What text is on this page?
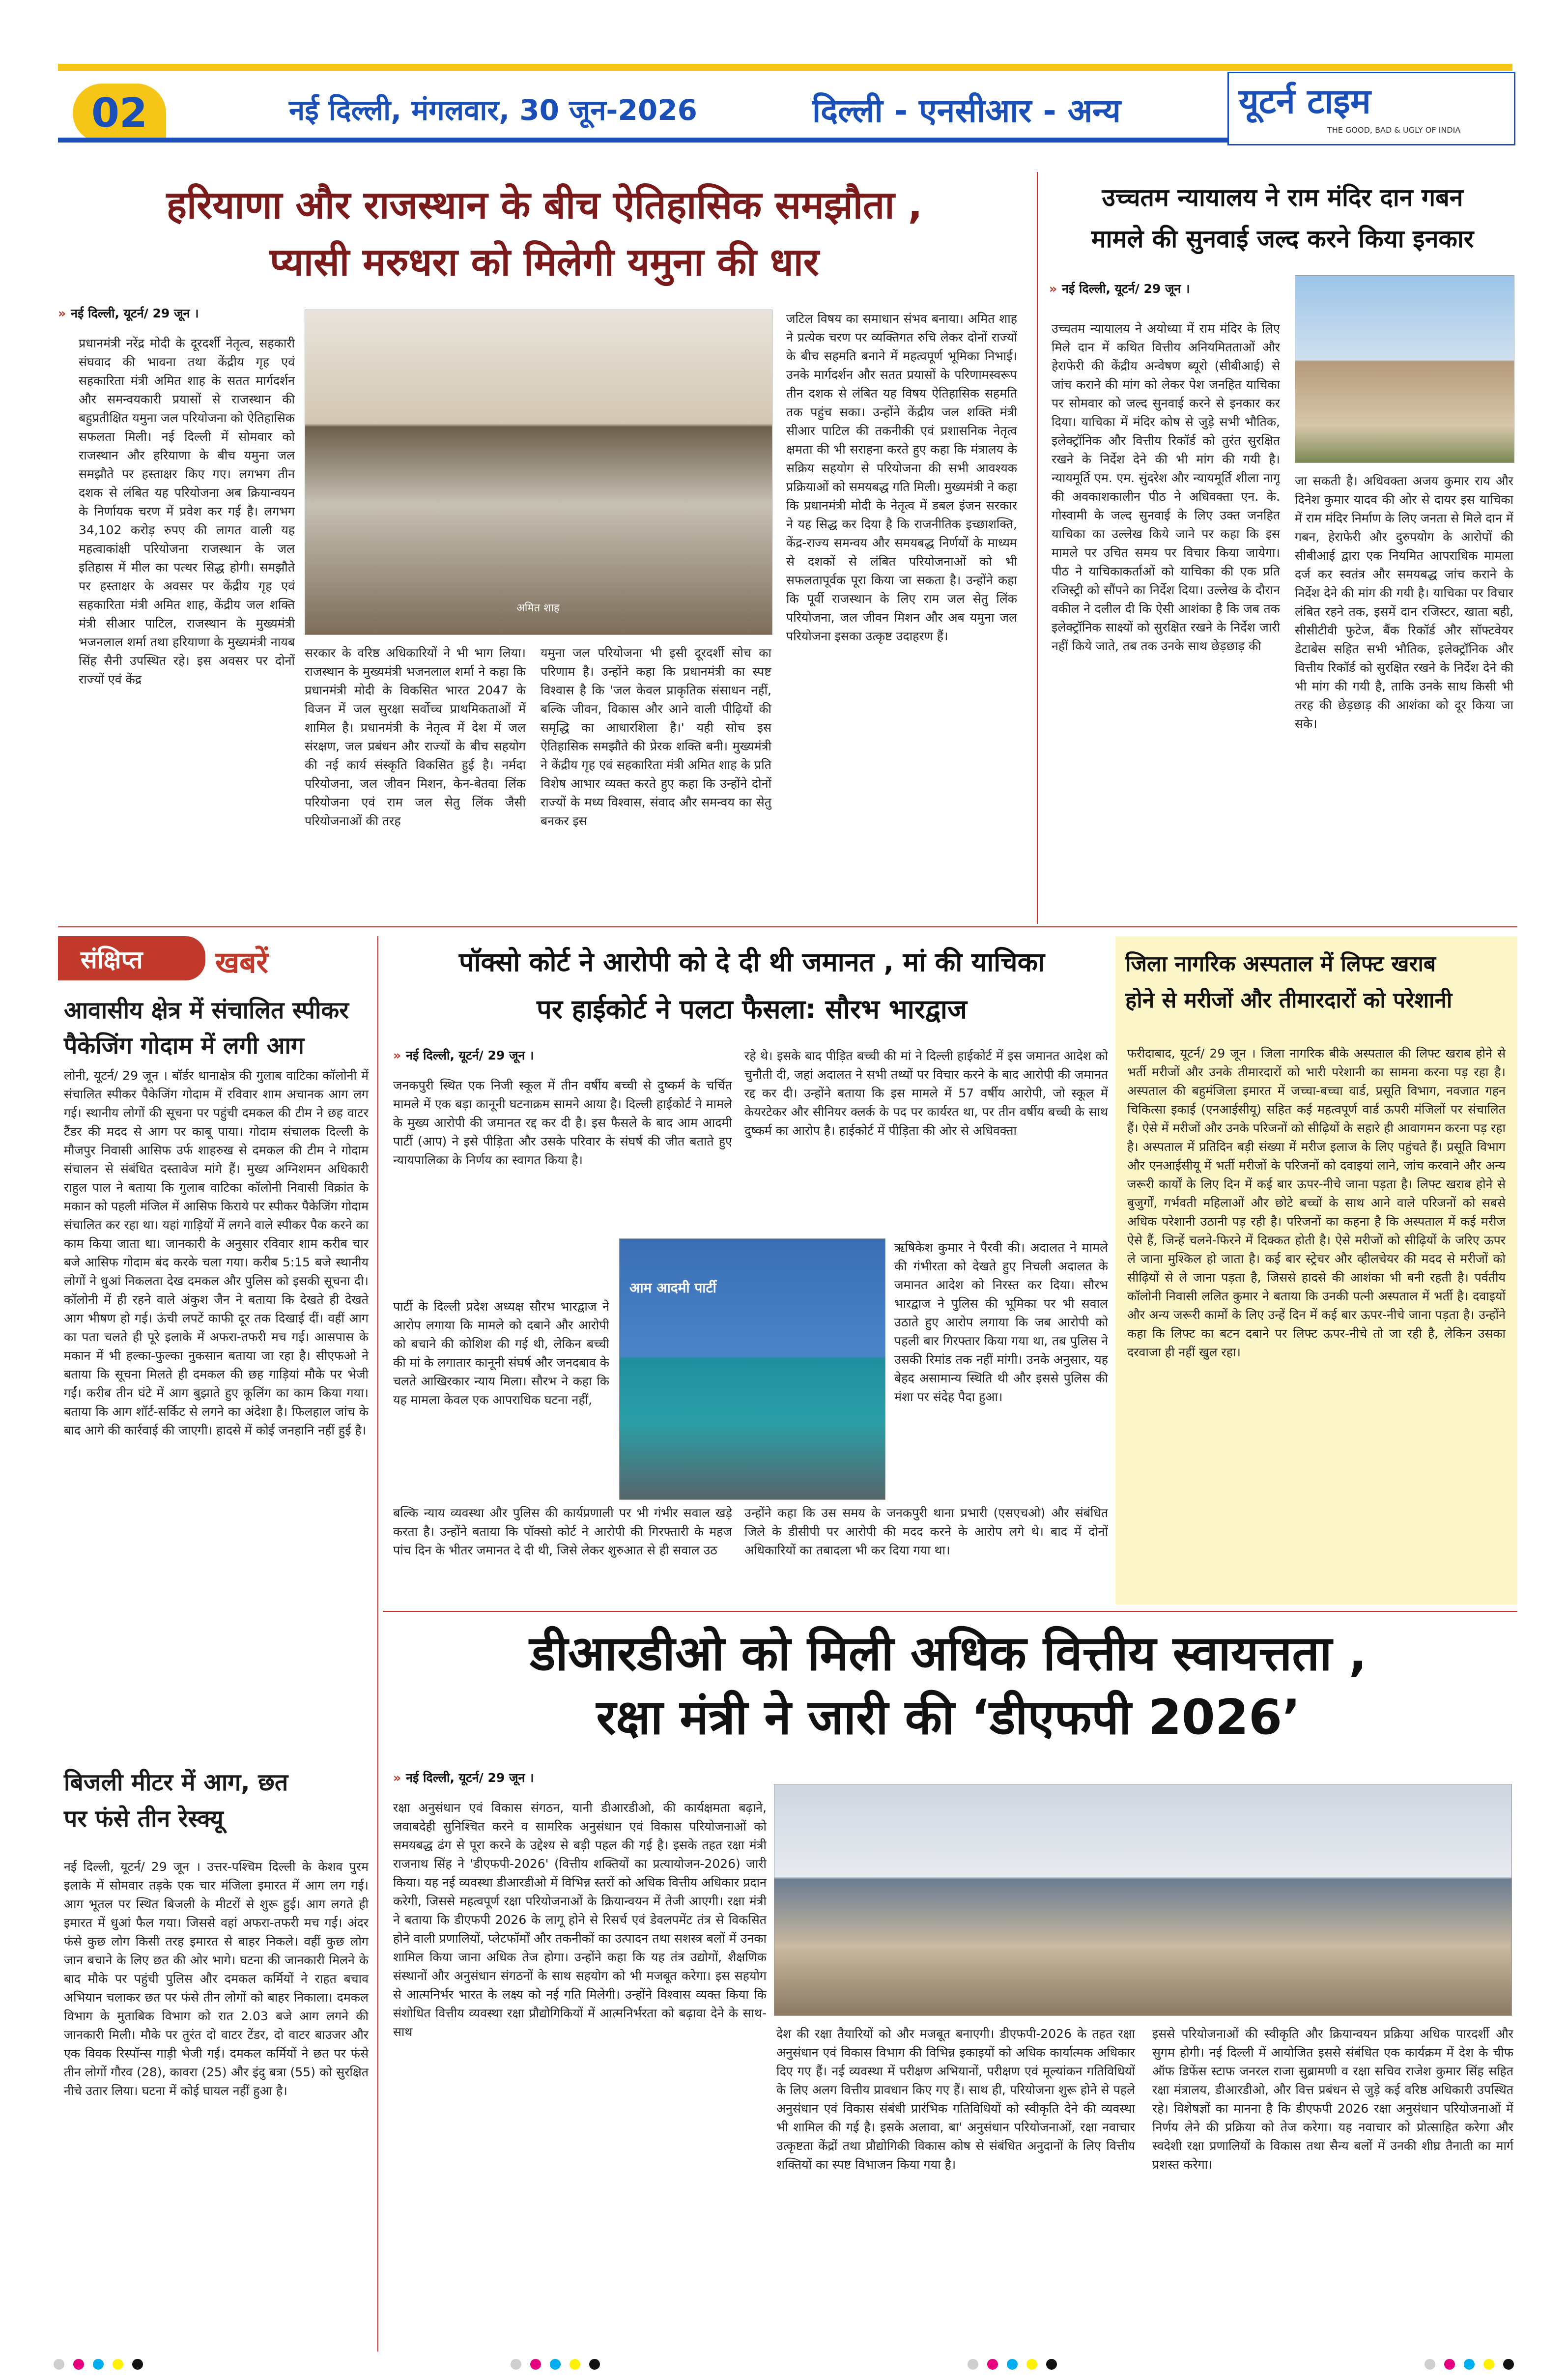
02	नई दिल्ली, मंगलवार, 30 जून-2026	दिल्ली - एनसीआर - अन्य	यूटर्न टाइम
THE GOOD, BAD & UGLY OF INDIA
हरियाणा और राजस्थान के बीच ऐतिहासिक समझौता ,
प्यासी मरुधरा को मिलेगी यमुना की धार
» नई दिल्ली, यूटर्न/ 29 जून ।
प्रधानमंत्री नरेंद्र मोदी के दूरदर्शी नेतृत्व, सहकारी संघवाद की भावना तथा केंद्रीय गृह एवं सहकारिता मंत्री अमित शाह के सतत मार्गदर्शन और समन्वयकारी प्रयासों से राजस्थान की बहुप्रतीक्षित यमुना जल परियोजना को ऐतिहासिक सफलता मिली। नई दिल्ली में सोमवार को राजस्थान और हरियाणा के बीच यमुना जल समझौते पर हस्ताक्षर किए गए। लगभग तीन दशक से लंबित यह परियोजना अब क्रियान्वयन के निर्णायक चरण में प्रवेश कर गई है। लगभग 34,102 करोड़ रुपए की लागत वाली यह महत्वाकांक्षी परियोजना राजस्थान के जल इतिहास में मील का पत्थर सिद्ध होगी। समझौते पर हस्ताक्षर के अवसर पर केंद्रीय गृह एवं सहकारिता मंत्री अमित शाह, केंद्रीय जल शक्ति मंत्री सीआर पाटिल, राजस्थान के मुख्यमंत्री भजनलाल शर्मा तथा हरियाणा के मुख्यमंत्री नायब सिंह सैनी उपस्थित रहे। इस अवसर पर दोनों राज्यों एवं केंद्र
अमित शाह
सरकार के वरिष्ठ अधिकारियों ने भी भाग लिया। राजस्थान के मुख्यमंत्री भजनलाल शर्मा ने कहा कि प्रधानमंत्री मोदी के विकसित भारत 2047 के विजन में जल सुरक्षा सर्वोच्च प्राथमिकताओं में शामिल है। प्रधानमंत्री के नेतृत्व में देश में जल संरक्षण, जल प्रबंधन और राज्यों के बीच सहयोग की नई कार्य संस्कृति विकसित हुई है। नर्मदा परियोजना, जल जीवन मिशन, केन-बेतवा लिंक परियोजना एवं राम जल सेतु लिंक जैसी परियोजनाओं की तरह
यमुना जल परियोजना भी इसी दूरदर्शी सोच का परिणाम है। उन्होंने कहा कि प्रधानमंत्री का स्पष्ट विश्वास है कि 'जल केवल प्राकृतिक संसाधन नहीं, बल्कि जीवन, विकास और आने वाली पीढ़ियों की समृद्धि का आधारशिला है।' यही सोच इस ऐतिहासिक समझौते की प्रेरक शक्ति बनी। मुख्यमंत्री ने केंद्रीय गृह एवं सहकारिता मंत्री अमित शाह के प्रति विशेष आभार व्यक्त करते हुए कहा कि उन्होंने दोनों राज्यों के मध्य विश्वास, संवाद और समन्वय का सेतु बनकर इस
जटिल विषय का समाधान संभव बनाया। अमित शाह ने प्रत्येक चरण पर व्यक्तिगत रुचि लेकर दोनों राज्यों के बीच सहमति बनाने में महत्वपूर्ण भूमिका निभाई। उनके मार्गदर्शन और सतत प्रयासों के परिणामस्वरूप तीन दशक से लंबित यह विषय ऐतिहासिक सहमति तक पहुंच सका। उन्होंने केंद्रीय जल शक्ति मंत्री सीआर पाटिल की तकनीकी एवं प्रशासनिक नेतृत्व क्षमता की भी सराहना करते हुए कहा कि मंत्रालय के सक्रिय सहयोग से परियोजना की सभी आवश्यक प्रक्रियाओं को समयबद्ध गति मिली। मुख्यमंत्री ने कहा कि प्रधानमंत्री मोदी के नेतृत्व में डबल इंजन सरकार ने यह सिद्ध कर दिया है कि राजनीतिक इच्छाशक्ति, केंद्र-राज्य समन्वय और समयबद्ध निर्णयों के माध्यम से दशकों से लंबित परियोजनाओं को भी सफलतापूर्वक पूरा किया जा सकता है। उन्होंने कहा कि पूर्वी राजस्थान के लिए राम जल सेतु लिंक परियोजना, जल जीवन मिशन और अब यमुना जल परियोजना इसका उत्कृष्ट उदाहरण हैं।
उच्चतम न्यायालय ने राम मंदिर दान गबन
मामले की सुनवाई जल्द करने किया इनकार
» नई दिल्ली, यूटर्न/ 29 जून ।
उच्चतम न्यायालय ने अयोध्या में राम मंदिर के लिए मिले दान में कथित वित्तीय अनियमितताओं और हेराफेरी की केंद्रीय अन्वेषण ब्यूरो (सीबीआई) से जांच कराने की मांग को लेकर पेश जनहित याचिका पर सोमवार को जल्द सुनवाई करने से इनकार कर दिया। याचिका में मंदिर कोष से जुड़े सभी भौतिक, इलेक्ट्रॉनिक और वित्तीय रिकॉर्ड को तुरंत सुरक्षित रखने के निर्देश देने की भी मांग की गयी है। न्यायमूर्ति एम. एम. सुंदरेश और न्यायमूर्ति शीला नागू की अवकाशकालीन पीठ ने अधिवक्ता एन. के. गोस्वामी के जल्द सुनवाई के लिए उक्त जनहित याचिका का उल्लेख किये जाने पर कहा कि इस मामले पर उचित समय पर विचार किया जायेगा। पीठ ने याचिकाकर्ताओं को याचिका की एक प्रति रजिस्ट्री को सौंपने का निर्देश दिया। उल्लेख के दौरान वकील ने दलील दी कि ऐसी आशंका है कि जब तक इलेक्ट्रॉनिक साक्ष्यों को सुरक्षित रखने के निर्देश जारी नहीं किये जाते, तब तक उनके साथ छेड़छाड़ की
जा सकती है। अधिवक्ता अजय कुमार राय और दिनेश कुमार यादव की ओर से दायर इस याचिका में राम मंदिर निर्माण के लिए जनता से मिले दान में गबन, हेराफेरी और दुरुपयोग के आरोपों की सीबीआई द्वारा एक नियमित आपराधिक मामला दर्ज कर स्वतंत्र और समयबद्ध जांच कराने के निर्देश देने की मांग की गयी है। याचिका पर विचार लंबित रहने तक, इसमें दान रजिस्टर, खाता बही, सीसीटीवी फुटेज, बैंक रिकॉर्ड और सॉफ्टवेयर डेटाबेस सहित सभी भौतिक, इलेक्ट्रॉनिक और वित्तीय रिकॉर्ड को सुरक्षित रखने के निर्देश देने की भी मांग की गयी है, ताकि उनके साथ किसी भी तरह की छेड़छाड़ की आशंका को दूर किया जा सके।
संक्षिप्त खबरें
आवासीय क्षेत्र में संचालित स्पीकर
पैकेजिंग गोदाम में लगी आग
लोनी, यूटर्न/ 29 जून । बॉर्डर थानाक्षेत्र की गुलाब वाटिका कॉलोनी में संचालित स्पीकर पैकेजिंग गोदाम में रविवार शाम अचानक आग लग गई। स्थानीय लोगों की सूचना पर पहुंची दमकल की टीम ने छह वाटर टैंडर की मदद से आग पर काबू पाया। गोदाम संचालक दिल्ली के मौजपुर निवासी आसिफ उर्फ शाहरुख से दमकल की टीम ने गोदाम संचालन से संबंधित दस्तावेज मांगे हैं। मुख्य अग्निशमन अधिकारी राहुल पाल ने बताया कि गुलाब वाटिका कॉलोनी निवासी विक्रांत के मकान को पहली मंजिल में आसिफ किराये पर स्पीकर पैकेजिंग गोदाम संचालित कर रहा था। यहां गाड़ियों में लगने वाले स्पीकर पैक करने का काम किया जाता था। जानकारी के अनुसार रविवार शाम करीब चार बजे आसिफ गोदाम बंद करके चला गया। करीब 5:15 बजे स्थानीय लोगों ने धुआं निकलता देख दमकल और पुलिस को इसकी सूचना दी। कॉलोनी में ही रहने वाले अंकुश जैन ने बताया कि देखते ही देखते आग भीषण हो गई। ऊंची लपटें काफी दूर तक दिखाई दीं। वहीं आग का पता चलते ही पूरे इलाके में अफरा-तफरी मच गई। आसपास के मकान में भी हल्का-फुल्का नुकसान बताया जा रहा है। सीएफओ ने बताया कि सूचना मिलते ही दमकल की छह गाड़ियां मौके पर भेजी गईं। करीब तीन घंटे में आग बुझाते हुए कूलिंग का काम किया गया। बताया कि आग शॉर्ट-सर्किट से लगने का अंदेशा है। फिलहाल जांच के बाद आगे की कार्रवाई की जाएगी। हादसे में कोई जनहानि नहीं हुई है।
बिजली मीटर में आग, छत
पर फंसे तीन रेस्क्यू
नई दिल्ली, यूटर्न/ 29 जून । उत्तर-पश्चिम दिल्ली के केशव पुरम इलाके में सोमवार तड़के एक चार मंजिला इमारत में आग लग गई। आग भूतल पर स्थित बिजली के मीटरों से शुरू हुई। आग लगते ही इमारत में धुआं फैल गया। जिससे वहां अफरा-तफरी मच गई। अंदर फंसे कुछ लोग किसी तरह इमारत से बाहर निकले। वहीं कुछ लोग जान बचाने के लिए छत की ओर भागे। घटना की जानकारी मिलने के बाद मौके पर पहुंची पुलिस और दमकल कर्मियों ने राहत बचाव अभियान चलाकर छत पर फंसे तीन लोगों को बाहर निकाला। दमकल विभाग के मुताबिक विभाग को रात 2.03 बजे आग लगने की जानकारी मिली। मौके पर तुरंत दो वाटर टेंडर, दो वाटर बाउजर और एक विवक रिस्पॉन्स गाड़ी भेजी गई। दमकल कर्मियों ने छत पर फंसे तीन लोगों गौरव (28), कावरा (25) और इंदु बत्रा (55) को सुरक्षित नीचे उतार लिया। घटना में कोई घायल नहीं हुआ है।
पॉक्सो कोर्ट ने आरोपी को दे दी थी जमानत , मां की याचिका
पर हाईकोर्ट ने पलटा फैसला: सौरभ भारद्वाज
» नई दिल्ली, यूटर्न/ 29 जून ।
जनकपुरी स्थित एक निजी स्कूल में तीन वर्षीय बच्ची से दुष्कर्म के चर्चित मामले में एक बड़ा कानूनी घटनाक्रम सामने आया है। दिल्ली हाईकोर्ट ने मामले के मुख्य आरोपी की जमानत रद्द कर दी है। इस फैसले के बाद आम आदमी पार्टी (आप) ने इसे पीड़िता और उसके परिवार के संघर्ष की जीत बताते हुए न्यायपालिका के निर्णय का स्वागत किया है।
पार्टी के दिल्ली प्रदेश अध्यक्ष सौरभ भारद्वाज ने आरोप लगाया कि मामले को दबाने और आरोपी को बचाने की कोशिश की गई थी, लेकिन बच्ची की मां के लगातार कानूनी संघर्ष और जनदबाव के चलते आखिरकार न्याय मिला। सौरभ ने कहा कि यह मामला केवल एक आपराधिक घटना नहीं,
बल्कि न्याय व्यवस्था और पुलिस की कार्यप्रणाली पर भी गंभीर सवाल खड़े करता है। उन्होंने बताया कि पॉक्सो कोर्ट ने आरोपी की गिरफ्तारी के महज पांच दिन के भीतर जमानत दे दी थी, जिसे लेकर शुरुआत से ही सवाल उठ
आम आदमी पार्टी
रहे थे। इसके बाद पीड़ित बच्ची की मां ने दिल्ली हाईकोर्ट में इस जमानत आदेश को चुनौती दी, जहां अदालत ने सभी तथ्यों पर विचार करने के बाद आरोपी की जमानत रद्द कर दी। उन्होंने बताया कि इस मामले में 57 वर्षीय आरोपी, जो स्कूल में केयरटेकर और सीनियर क्लर्क के पद पर कार्यरत था, पर तीन वर्षीय बच्ची के साथ दुष्कर्म का आरोप है। हाईकोर्ट में पीड़िता की ओर से अधिवक्ता
ऋषिकेश कुमार ने पैरवी की। अदालत ने मामले की गंभीरता को देखते हुए निचली अदालत के जमानत आदेश को निरस्त कर दिया। सौरभ भारद्वाज ने पुलिस की भूमिका पर भी सवाल उठाते हुए आरोप लगाया कि जब आरोपी को पहली बार गिरफ्तार किया गया था, तब पुलिस ने उसकी रिमांड तक नहीं मांगी। उनके अनुसार, यह बेहद असामान्य स्थिति थी और इससे पुलिस की मंशा पर संदेह पैदा हुआ।
उन्होंने कहा कि उस समय के जनकपुरी थाना प्रभारी (एसएचओ) और संबंधित जिले के डीसीपी पर आरोपी की मदद करने के आरोप लगे थे। बाद में दोनों अधिकारियों का तबादला भी कर दिया गया था।
जिला नागरिक अस्पताल में लिफ्ट खराब
होने से मरीजों और तीमारदारों को परेशानी
फरीदाबाद, यूटर्न/ 29 जून । जिला नागरिक बीके अस्पताल की लिफ्ट खराब होने से भर्ती मरीजों और उनके तीमारदारों को भारी परेशानी का सामना करना पड़ रहा है। अस्पताल की बहुमंजिला इमारत में जच्चा-बच्चा वार्ड, प्रसूति विभाग, नवजात गहन चिकित्सा इकाई (एनआईसीयू) सहित कई महत्वपूर्ण वार्ड ऊपरी मंजिलों पर संचालित हैं। ऐसे में मरीजों और उनके परिजनों को सीढ़ियों के सहारे ही आवागमन करना पड़ रहा है। अस्पताल में प्रतिदिन बड़ी संख्या में मरीज इलाज के लिए पहुंचते हैं। प्रसूति विभाग और एनआईसीयू में भर्ती मरीजों के परिजनों को दवाइयां लाने, जांच करवाने और अन्य जरूरी कार्यों के लिए दिन में कई बार ऊपर-नीचे जाना पड़ता है। लिफ्ट खराब होने से बुजुर्गों, गर्भवती महिलाओं और छोटे बच्चों के साथ आने वाले परिजनों को सबसे अधिक परेशानी उठानी पड़ रही है। परिजनों का कहना है कि अस्पताल में कई मरीज ऐसे हैं, जिन्हें चलने-फिरने में दिक्कत होती है। ऐसे मरीजों को सीढ़ियों के जरिए ऊपर ले जाना मुश्किल हो जाता है। कई बार स्ट्रेचर और व्हीलचेयर की मदद से मरीजों को सीढ़ियों से ले जाना पड़ता है, जिससे हादसे की आशंका भी बनी रहती है। पर्वतीय कॉलोनी निवासी ललित कुमार ने बताया कि उनकी पत्नी अस्पताल में भर्ती है। दवाइयों और अन्य जरूरी कामों के लिए उन्हें दिन में कई बार ऊपर-नीचे जाना पड़ता है। उन्होंने कहा कि लिफ्ट का बटन दबाने पर लिफ्ट ऊपर-नीचे तो जा रही है, लेकिन उसका दरवाजा ही नहीं खुल रहा।
डीआरडीओ को मिली अधिक वित्तीय स्वायत्तता ,
रक्षा मंत्री ने जारी की ‘डीएफपी 2026’
» नई दिल्ली, यूटर्न/ 29 जून ।
रक्षा अनुसंधान एवं विकास संगठन, यानी डीआरडीओ, की कार्यक्षमता बढ़ाने, जवाबदेही सुनिश्चित करने व सामरिक अनुसंधान एवं विकास परियोजनाओं को समयबद्ध ढंग से पूरा करने के उद्देश्य से बड़ी पहल की गई है। इसके तहत रक्षा मंत्री राजनाथ सिंह ने 'डीएफपी-2026' (वित्तीय शक्तियों का प्रत्यायोजन-2026) जारी किया। यह नई व्यवस्था डीआरडीओ में विभिन्न स्तरों को अधिक वित्तीय अधिकार प्रदान करेगी, जिससे महत्वपूर्ण रक्षा परियोजनाओं के क्रियान्वयन में तेजी आएगी। रक्षा मंत्री ने बताया कि डीएफपी 2026 के लागू होने से रिसर्च एवं डेवलपमेंट तंत्र से विकसित होने वाली प्रणालियों, प्लेटफॉर्मों और तकनीकों का उत्पादन तथा सशस्त्र बलों में उनका शामिल किया जाना अधिक तेज होगा। उन्होंने कहा कि यह तंत्र उद्योगों, शैक्षणिक संस्थानों और अनुसंधान संगठनों के साथ सहयोग को भी मजबूत करेगा। इस सहयोग से आत्मनिर्भर भारत के लक्ष्य को नई गति मिलेगी। उन्होंने विश्वास व्यक्त किया कि संशोधित वित्तीय व्यवस्था रक्षा प्रौद्योगिकियों में आत्मनिर्भरता को बढ़ावा देने के साथ-साथ	देश की रक्षा तैयारियों को और मजबूत बनाएगी। डीएफपी-2026 के तहत रक्षा अनुसंधान एवं विकास विभाग की विभिन्न इकाइयों को अधिक कार्यात्मक अधिकार दिए गए हैं। नई व्यवस्था में परीक्षण अभियानों, परीक्षण एवं मूल्यांकन गतिविधियों के लिए अलग वित्तीय प्रावधान किए गए हैं। साथ ही, परियोजना शुरू होने से पहले अनुसंधान एवं विकास संबंधी प्रारंभिक गतिविधियों को स्वीकृति देने की व्यवस्था भी शामिल की गई है। इसके अलावा, बा' अनुसंधान परियोजनाओं, रक्षा नवाचार उत्कृष्टता केंद्रों तथा प्रौद्योगिकी विकास कोष से संबंधित अनुदानों के लिए वित्तीय शक्तियों का स्पष्ट विभाजन किया गया है।
इससे परियोजनाओं की स्वीकृति और क्रियान्वयन प्रक्रिया अधिक पारदर्शी और सुगम होगी। नई दिल्ली में आयोजित इससे संबंधित एक कार्यक्रम में देश के चीफ ऑफ डिफेंस स्टाफ जनरल राजा सुब्रामणी व रक्षा सचिव राजेश कुमार सिंह सहित रक्षा मंत्रालय, डीआरडीओ, और वित्त प्रबंधन से जुड़े कई वरिष्ठ अधिकारी उपस्थित रहे। विशेषज्ञों का मानना है कि डीएफपी 2026 रक्षा अनुसंधान परियोजनाओं में निर्णय लेने की प्रक्रिया को तेज करेगा। यह नवाचार को प्रोत्साहित करेगा और स्वदेशी रक्षा प्रणालियों के विकास तथा सैन्य बलों में उनकी शीघ्र तैनाती का मार्ग प्रशस्त करेगा।
